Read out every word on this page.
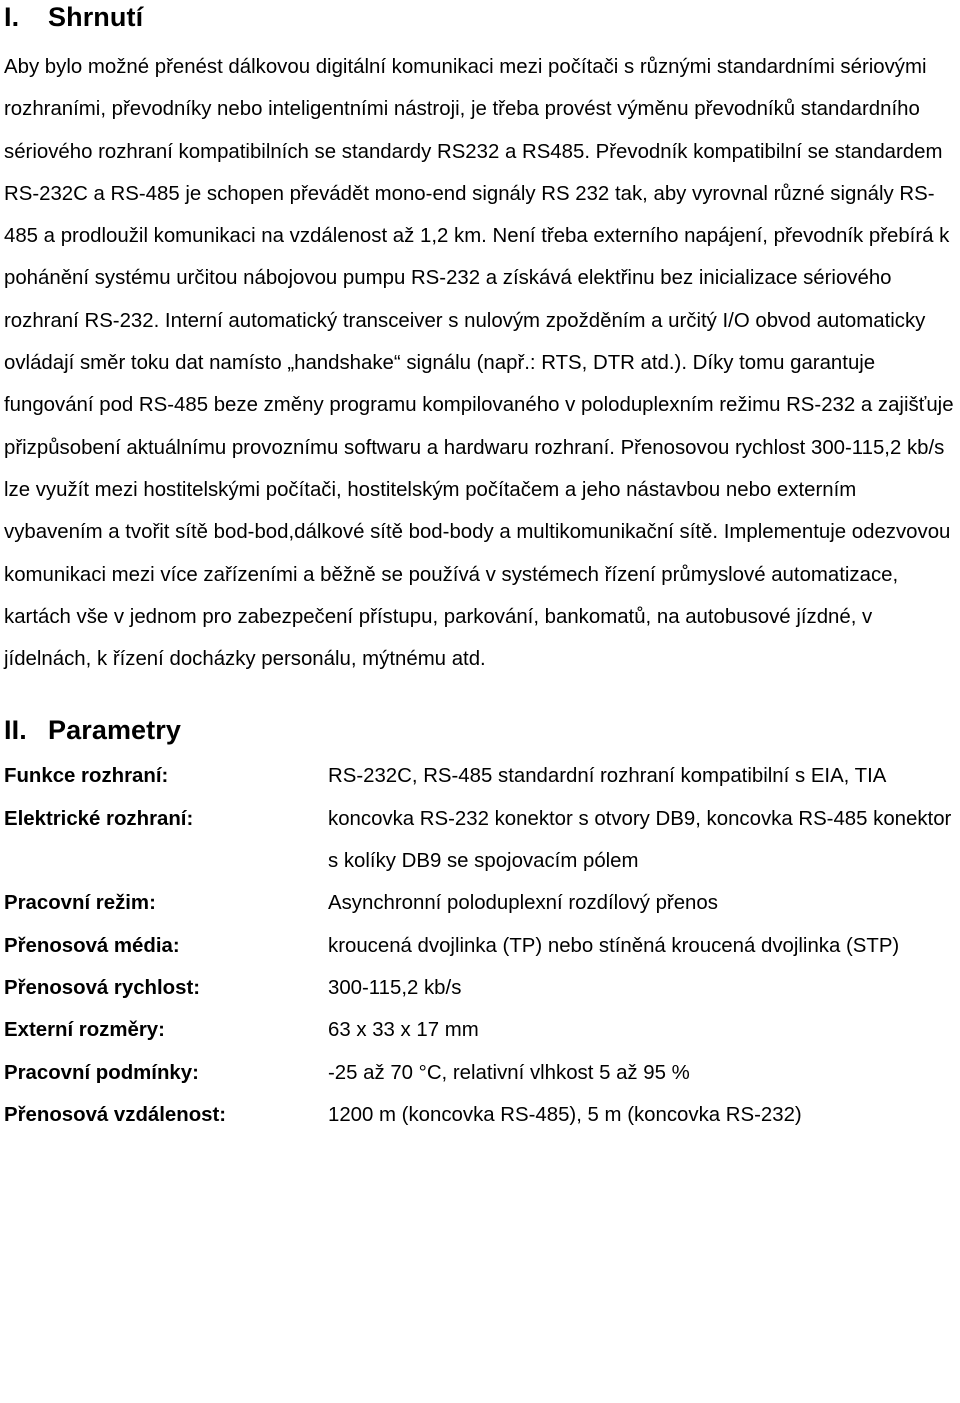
I. Shrnutí

Aby bylo možné přenést dálkovou digitální komunikaci mezi počítači s různými standardními sériovými rozhraními, převodníky nebo inteligentními nástroji, je třeba provést výměnu převodníků standardního sériového rozhraní kompatibilních se standardy RS232 a RS485. Převodník kompatibilní se standardem RS-232C a RS-485 je schopen převádět mono-end signály RS 232 tak, aby vyrovnal různé signály RS-485 a prodloužil komunikaci na vzdálenost až 1,2 km. Není třeba externího napájení, převodník přebírá k pohánění systému určitou nábojovou pumpu RS-232 a získává elektřinu bez inicializace sériového rozhraní RS-232. Interní automatický transceiver s nulovým zpožděním a určitý I/O obvod automaticky ovládají směr toku dat namísto „handshake“ signálu (např.: RTS, DTR atd.). Díky tomu garantuje fungování pod RS-485 beze změny programu kompilovaného v poloduplexním režimu RS-232 a zajišťuje přizpůsobení aktuálnímu provoznímu softwaru a hardwaru rozhraní. Přenosovou rychlost 300-115,2 kb/s lze využít mezi hostitelskými počítači, hostitelským počítačem a jeho nástavbou nebo externím vybavením a tvořit sítě bod-bod,dálkové sítě bod-body a multikomunikační sítě. Implementuje odezvovou komunikaci mezi více zařízeními a běžně se používá v systémech řízení průmyslové automatizace, kartách vše v jednom pro zabezpečení přístupu, parkování, bankomatů, na autobusové jízdné, v jídelnách, k řízení docházky personálu, mýtnému atd.

II. Parametry
Funkce rozhraní:	RS-232C, RS-485 standardní rozhraní kompatibilní s EIA, TIA
Elektrické rozhraní:	koncovka RS-232 konektor s otvory DB9, koncovka RS-485 konektor s kolíky DB9 se spojovacím pólem
Pracovní režim:	Asynchronní poloduplexní rozdílový přenos
Přenosová média:	kroucená dvojlinka (TP) nebo stíněná kroucená dvojlinka (STP)
Přenosová rychlost:	300-115,2 kb/s
Externí rozměry:	63 x 33 x 17 mm
Pracovní podmínky:	-25 až 70 °C, relativní vlhkost 5 až 95 %
Přenosová vzdálenost:	1200 m (koncovka RS-485), 5 m (koncovka RS-232)
